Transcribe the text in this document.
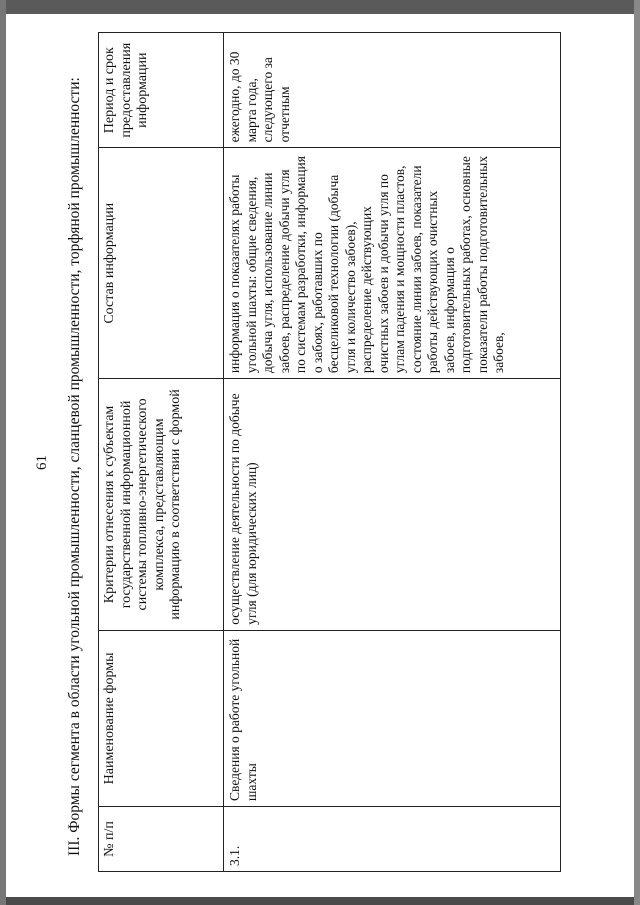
61 III. Формы сегмента в области угольной промышленности, сланцевой промышленности, торфяной промышленности: № п/п	Наименование формы	Критерии отнесения к субъектам государственной информационной системы топливно-энергетического комплекса, представляющим информацию в соответствии с формой	Состав информации	Период и срок предоставления информации
3.1.	Сведения о работе угольной шахты	осуществление деятельности по добыче угля (для юридических лиц)	информация о показателях работы угольной шахты: общие сведения, добыча угля, использование линии забоев, распределение добычи угля по системам разработки, информация о забоях, работавших по бесцеликовой технологии (добыча угля и количество забоев), распределение действующих очистных забоев и добычи угля по углам падения и мощности пластов, состояние линии забоев, показатели работы действующих очистных забоев, информация о подготовительных работах, основные показатели работы подготовительных забоев,	ежегодно, до 30 марта года, следующего за отчетным
